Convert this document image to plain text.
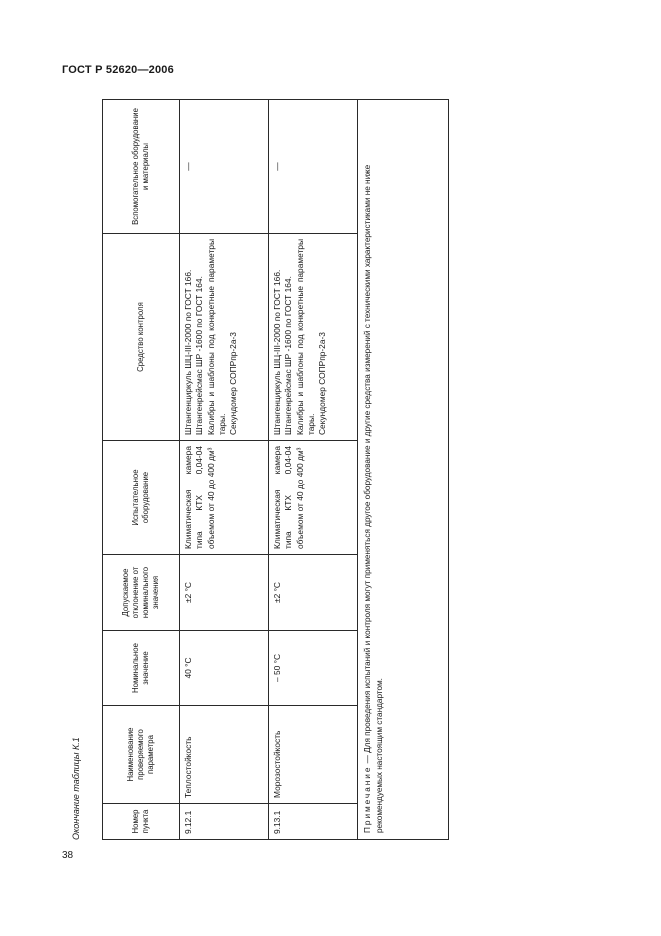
ГОСТ Р 52620—2006
Окончание таблицы К.1	Номер пункта	Наименование проверяемого параметра	Номинальное значение	Допускаемое отклонение от номинального значения	Испытательное оборудование	Средство контроля	Вспомогательное оборудование и материалы
9.12.1	Теплостойкость	40 °С	±2 °С	Климатическая камера типа КТХ 0,04-04 объемом от 40 до 400 дм³	Штангенциркуль ШЦ-III-2000 по ГОСТ 166. Штангенрейсмас ШР -1600 по ГОСТ 164. Калибры и шаблоны под конкретные параметры тары. Секундомер СОПРпр-2а-3	—
9.13.1	Морозостойкость	– 50 °С	±2 °С	Климатическая камера типа КТХ 0,04-04 объемом от 40 до 400 дм³	Штангенциркуль ШЦ-III-2000 по ГОСТ 166. Штангенрейсмас ШР -1600 по ГОСТ 164. Калибры и шаблоны под конкретные параметры тары. Секундомер СОПРпр-2а-3	—
Примечание — Для проведения испытаний и контроля могут применяться другое оборудование и другие средства измерений с техническими характеристиками не ниже рекомендуемых настоящим стандартом.						
38
